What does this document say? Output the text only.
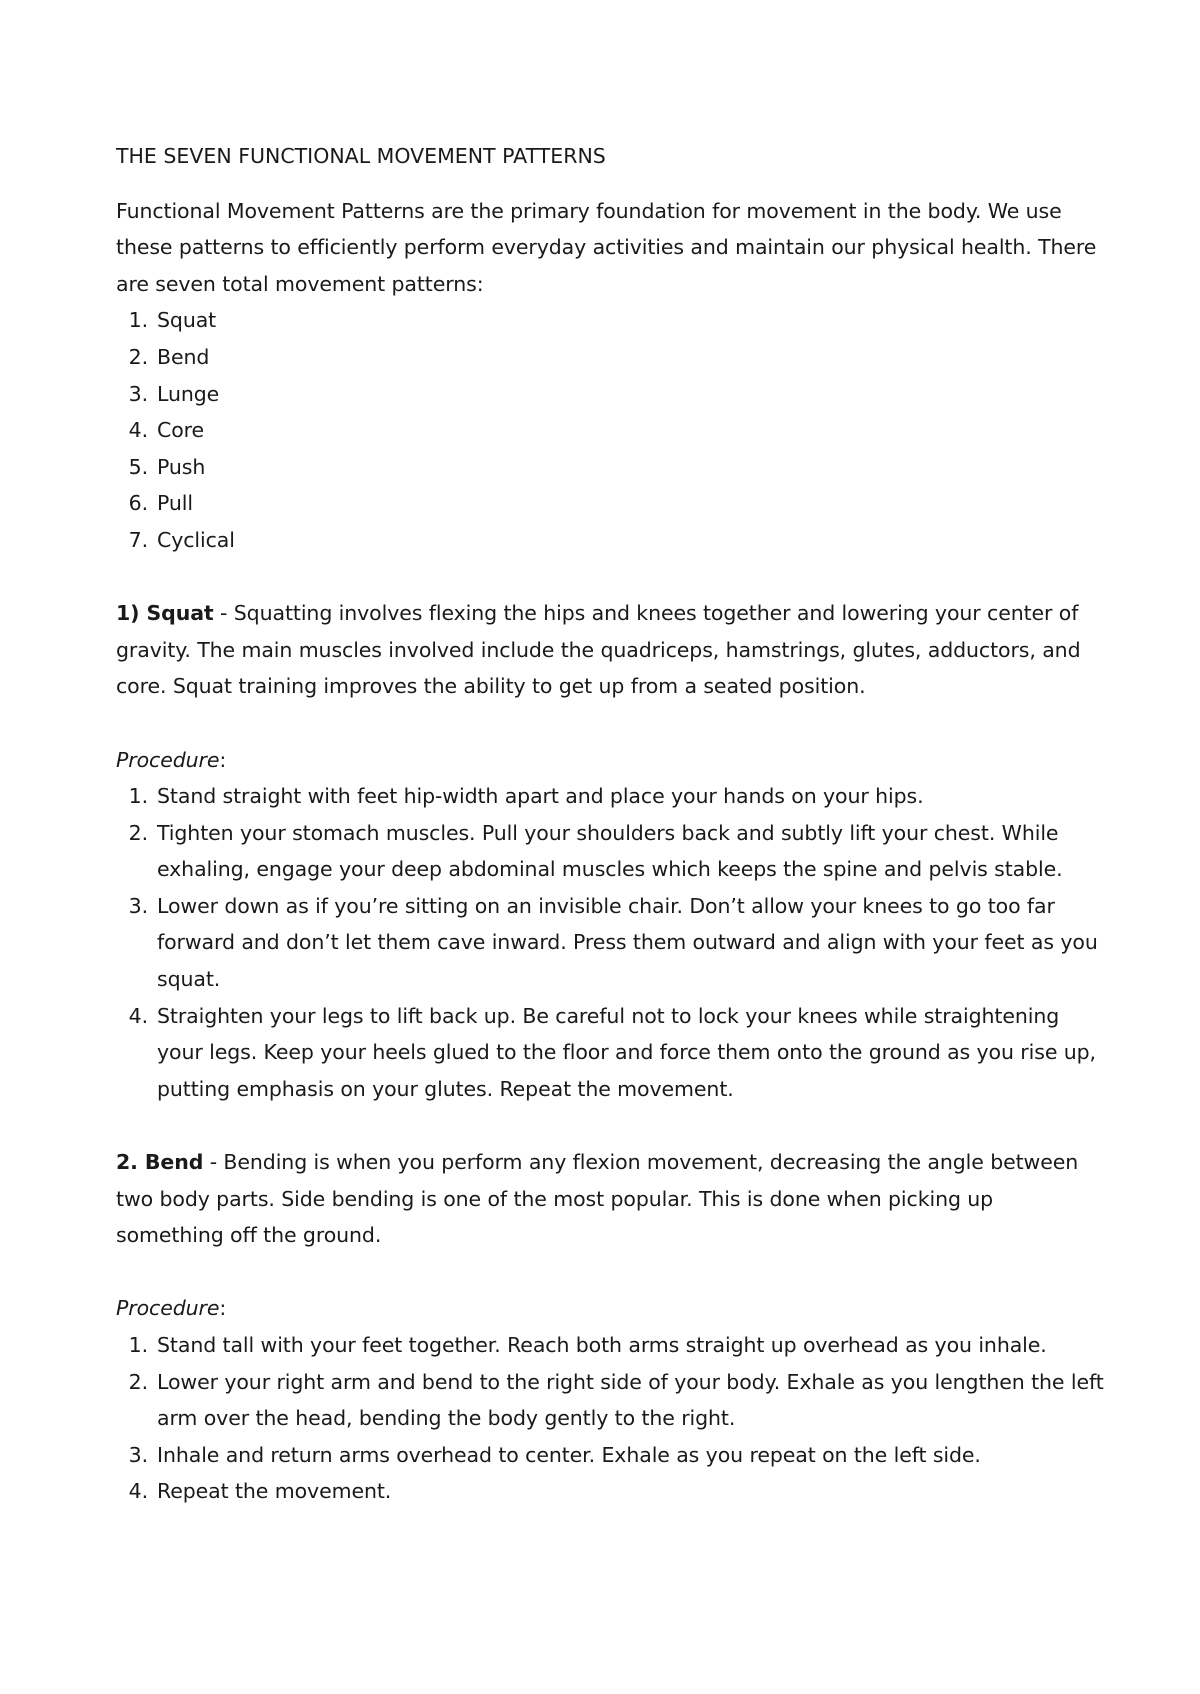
THE SEVEN FUNCTIONAL MOVEMENT PATTERNS

Functional Movement Patterns are the primary foundation for movement in the body. We use these patterns to efficiently perform everyday activities and maintain our physical health. There are seven total movement patterns:

1. Squat
2. Bend
3. Lunge
4. Core
5. Push
6. Pull
7. Cyclical

1) Squat - Squatting involves flexing the hips and knees together and lowering your center of gravity. The main muscles involved include the quadriceps, hamstrings, glutes, adductors, and core. Squat training improves the ability to get up from a seated position.

Procedure:

1. Stand straight with feet hip-width apart and place your hands on your hips.
2. Tighten your stomach muscles. Pull your shoulders back and subtly lift your chest. While exhaling, engage your deep abdominal muscles which keeps the spine and pelvis stable.
3. Lower down as if you’re sitting on an invisible chair. Don’t allow your knees to go too far forward and don’t let them cave inward. Press them outward and align with your feet as you squat.
4. Straighten your legs to lift back up. Be careful not to lock your knees while straightening your legs. Keep your heels glued to the floor and force them onto the ground as you rise up, putting emphasis on your glutes. Repeat the movement.

2. Bend - Bending is when you perform any flexion movement, decreasing the angle between two body parts. Side bending is one of the most popular. This is done when picking up something off the ground.

Procedure:

1. Stand tall with your feet together. Reach both arms straight up overhead as you inhale.
2. Lower your right arm and bend to the right side of your body. Exhale as you lengthen the left arm over the head, bending the body gently to the right.
3. Inhale and return arms overhead to center. Exhale as you repeat on the left side.
4. Repeat the movement.
